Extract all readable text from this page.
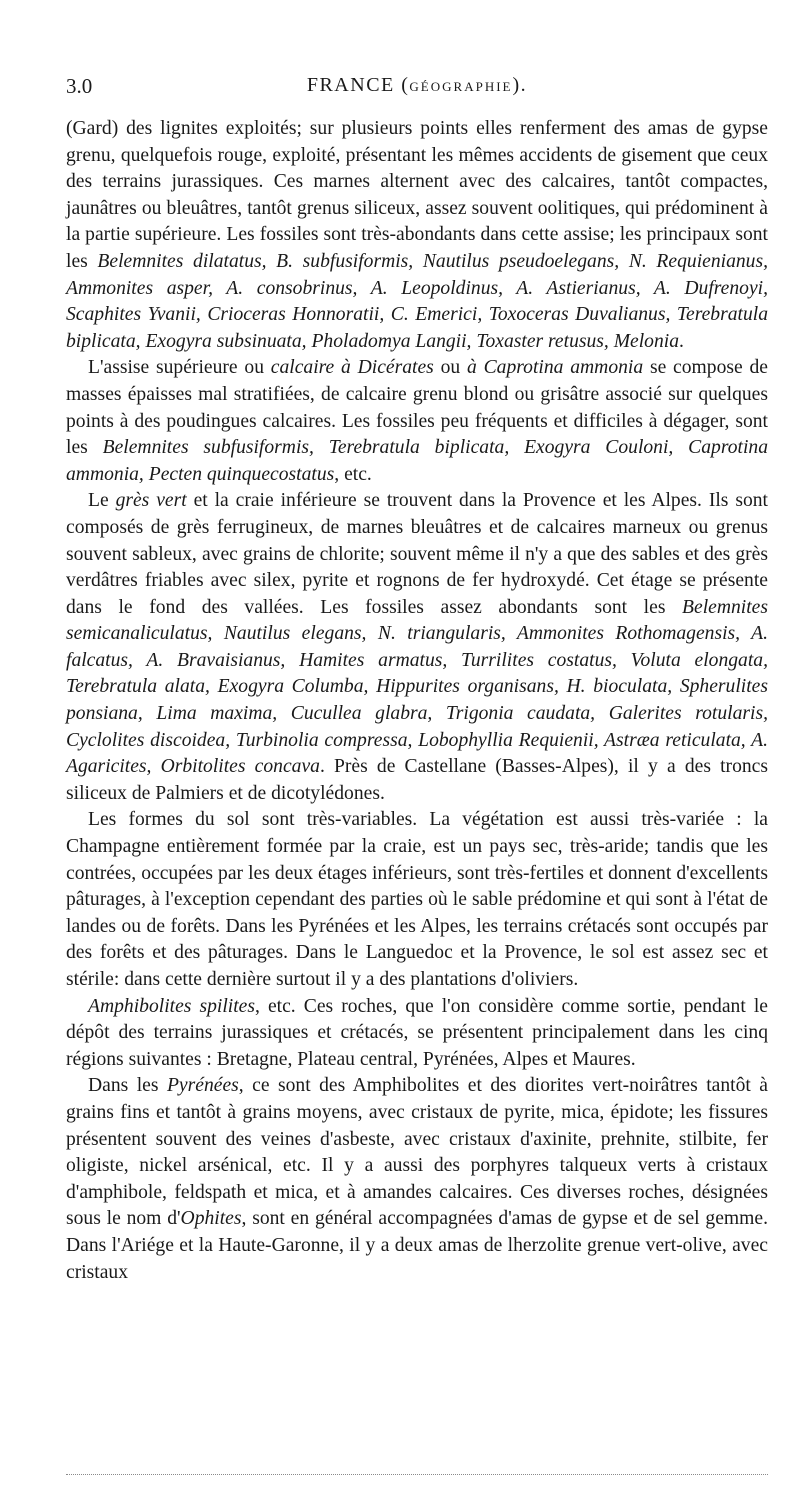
3.0	FRANCE (GÉOGRAPHIE).

(Gard) des lignites exploités; sur plusieurs points elles renferment des amas de gypse grenu, quelquefois rouge, exploité, présentant les mêmes accidents de gisement que ceux des terrains jurassiques. Ces marnes alternent avec des calcaires, tantôt compactes, jaunâtres ou bleuâtres, tantôt grenus siliceux, assez souvent oolitiques, qui prédominent à la partie supérieure. Les fossiles sont très-abondants dans cette assise; les principaux sont les Belemnites dilatatus, B. subfusiformis, Nautilus pseudoelegans, N. Requienianus, Ammonites asper, A. consobrinus, A. Leopoldinus, A. Astierianus, A. Dufrenoyi, Scaphites Yvanii, Crioceras Honnoratii, C. Emerici, Toxoceras Duvalianus, Terebratula biplicata, Exogyra subsinuata, Pholadomya Langii, Toxaster retusus, Melonia.

L'assise supérieure ou calcaire à Dicérates ou à Caprotina ammonia se compose de masses épaisses mal stratifiées, de calcaire grenu blond ou grisâtre associé sur quelques points à des poudingues calcaires. Les fossiles peu fréquents et difficiles à dégager, sont les Belemnites subfusiformis, Terebratula biplicata, Exogyra Couloni, Caprotina ammonia, Pecten quinquecostatus, etc.

Le grès vert et la craie inférieure se trouvent dans la Provence et les Alpes. Ils sont composés de grès ferrugineux, de marnes bleuâtres et de calcaires marneux ou grenus souvent sableux, avec grains de chlorite; souvent même il n'y a que des sables et des grès verdâtres friables avec silex, pyrite et rognons de fer hydroxydé. Cet étage se présente dans le fond des vallées. Les fossiles assez abondants sont les Belemnites semicanaliculatus, Nautilus elegans, N. triangularis, Ammonites Rothomagensis, A. falcatus, A. Bravaisianus, Hamites armatus, Turrilites costatus, Voluta elongata, Terebratula alata, Exogyra Columba, Hippurites organisans, H. bioculata, Spherulites ponsiana, Lima maxima, Cucullea glabra, Trigonia caudata, Galerites rotularis, Cyclolites discoidea, Turbinolia compressa, Lobophyllia Requienii, Astræa reticulata, A. Agaricites, Orbitolites concava. Près de Castellane (Basses-Alpes), il y a des troncs siliceux de Palmiers et de dicotylédones.

Les formes du sol sont très-variables. La végétation est aussi très-variée : la Champagne entièrement formée par la craie, est un pays sec, très-aride; tandis que les contrées, occupées par les deux étages inférieurs, sont très-fertiles et donnent d'excellents pâturages, à l'exception cependant des parties où le sable prédomine et qui sont à l'état de landes ou de forêts. Dans les Pyrénées et les Alpes, les terrains crétacés sont occupés par des forêts et des pâturages. Dans le Languedoc et la Provence, le sol est assez sec et stérile: dans cette dernière surtout il y a des plantations d'oliviers.

Amphibolites spilites, etc. Ces roches, que l'on considère comme sortie, pendant le dépôt des terrains jurassiques et crétacés, se présentent principalement dans les cinq régions suivantes : Bretagne, Plateau central, Pyrénées, Alpes et Maures.

Dans les Pyrénées, ce sont des Amphibolites et des diorites vert-noirâtres tantôt à grains fins et tantôt à grains moyens, avec cristaux de pyrite, mica, épidote; les fissures présentent souvent des veines d'asbeste, avec cristaux d'axinite, prehnite, stilbite, fer oligiste, nickel arsénical, etc. Il y a aussi des porphyres talqueux verts à cristaux d'amphibole, feldspath et mica, et à amandes calcaires. Ces diverses roches, désignées sous le nom d'Ophites, sont en général accompagnées d'amas de gypse et de sel gemme. Dans l'Ariége et la Haute-Garonne, il y a deux amas de lherzolite grenue vert-olive, avec cristaux
